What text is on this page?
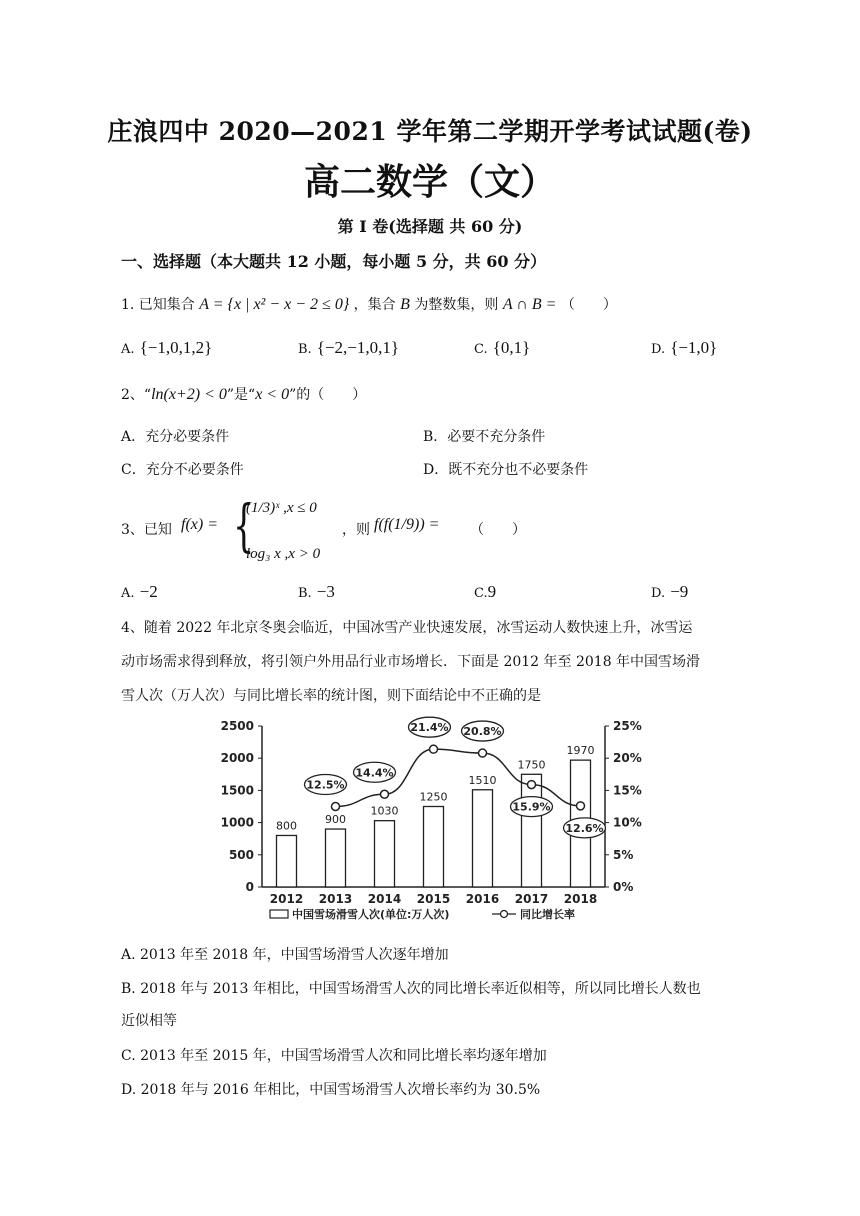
庄浪四中 2020—2021 学年第二学期开学考试试题(卷)
高二数学（文）
第 Ⅰ 卷(选择题 共 60 分)
一、选择题（本大题共 12 小题，每小题 5 分，共 60 分）
1. 已知集合 A = {x | x² − x − 2 ≤ 0} ，集合 B 为整数集，则 A ∩ B = （　　）
A. {−1,0,1,2}	B. {−2,−1,0,1}	C. {0,1}	D. {−1,0}
2、“ln(x+2) < 0”是“x < 0”的（　　）
A．充分必要条件	B．必要不充分条件
C．充分不必要条件	D．既不充分也不必要条件
3、已知 f(x) = {
(1/3)ˣ ,x ≤ 0
log₃ x ,x > 0
，则 f(f(1/9)) = （　　）
A. −2	B. −3	C.9	D. −9
4、随着 2022 年北京冬奥会临近，中国冰雪产业快速发展，冰雪运动人数快速上升，冰雪运
动市场需求得到释放，将引领户外用品行业市场增长．下面是 2012 年至 2018 年中国雪场滑
雪人次（万人次）与同比增长率的统计图，则下面结论中不正确的是
0
500
1000
1500
2000
2500
0%
5%
10%
15%
20%
25%
800
2012
900
2013
1030
2014
1250
2015
1510
2016
1750
2017
1970
2018
12.5%
14.4%
21.4% 20.8%
15.9%
12.6%
中国雪场滑雪人次(单位:万人次)	同比增长率
A. 2013 年至 2018 年，中国雪场滑雪人次逐年增加
B. 2018 年与 2013 年相比，中国雪场滑雪人次的同比增长率近似相等，所以同比增长人数也
近似相等
C. 2013 年至 2015 年，中国雪场滑雪人次和同比增长率均逐年增加
D. 2018 年与 2016 年相比，中国雪场滑雪人次增长率约为 30.5%
